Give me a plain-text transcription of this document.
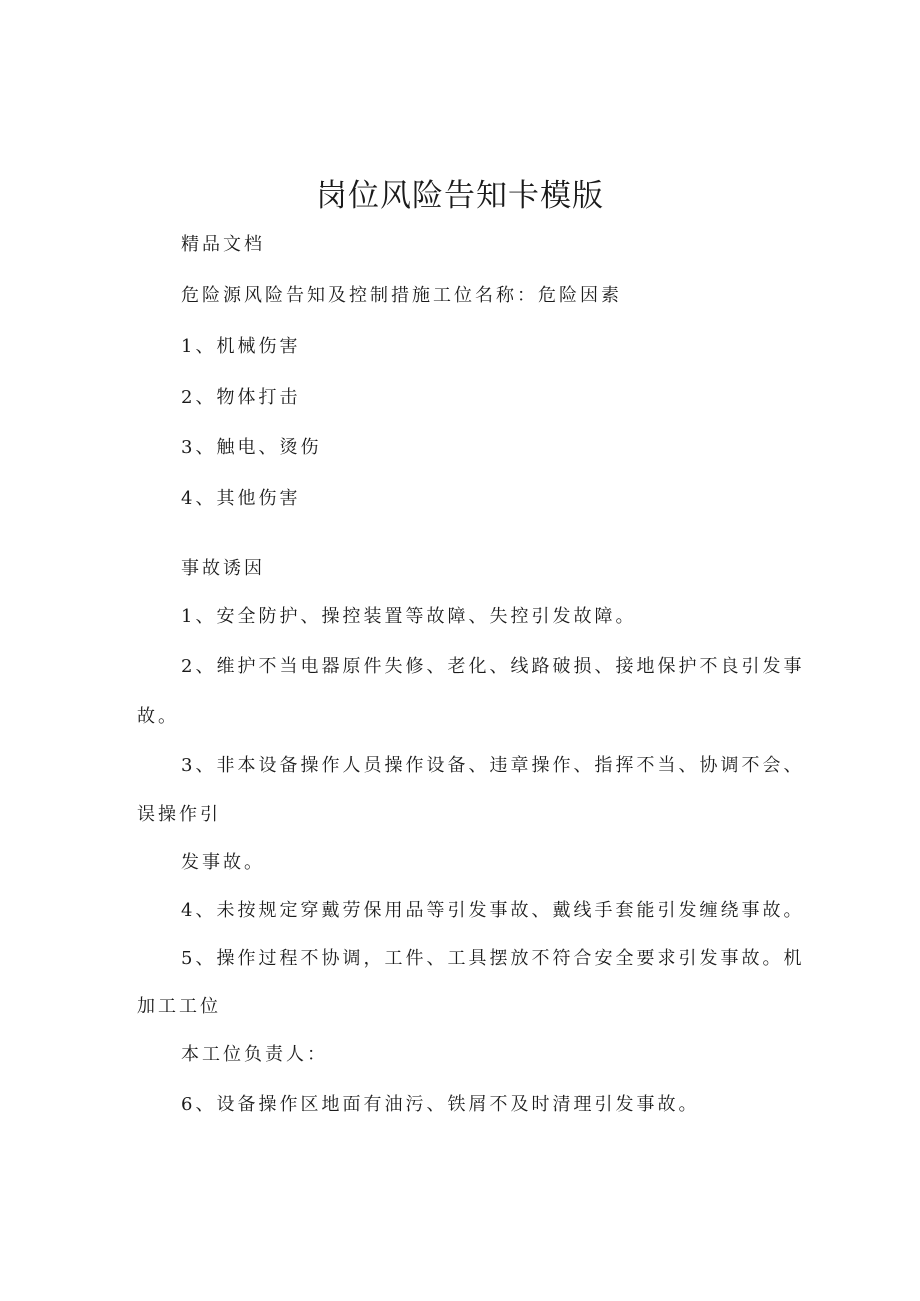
岗位风险告知卡模版
精品文档
危险源风险告知及控制措施工位名称：危险因素
1、机械伤害
2、物体打击
3、触电、烫伤
4、其他伤害
事故诱因
1、安全防护、操控装置等故障、失控引发故障。
2、维护不当电器原件失修、老化、线路破损、接地保护不良引发事
故。
3、非本设备操作人员操作设备、违章操作、指挥不当、协调不会、
误操作引
发事故。
4、未按规定穿戴劳保用品等引发事故、戴线手套能引发缠绕事故。
5、操作过程不协调，工件、工具摆放不符合安全要求引发事故。机
加工工位
本工位负责人：
6、设备操作区地面有油污、铁屑不及时清理引发事故。
